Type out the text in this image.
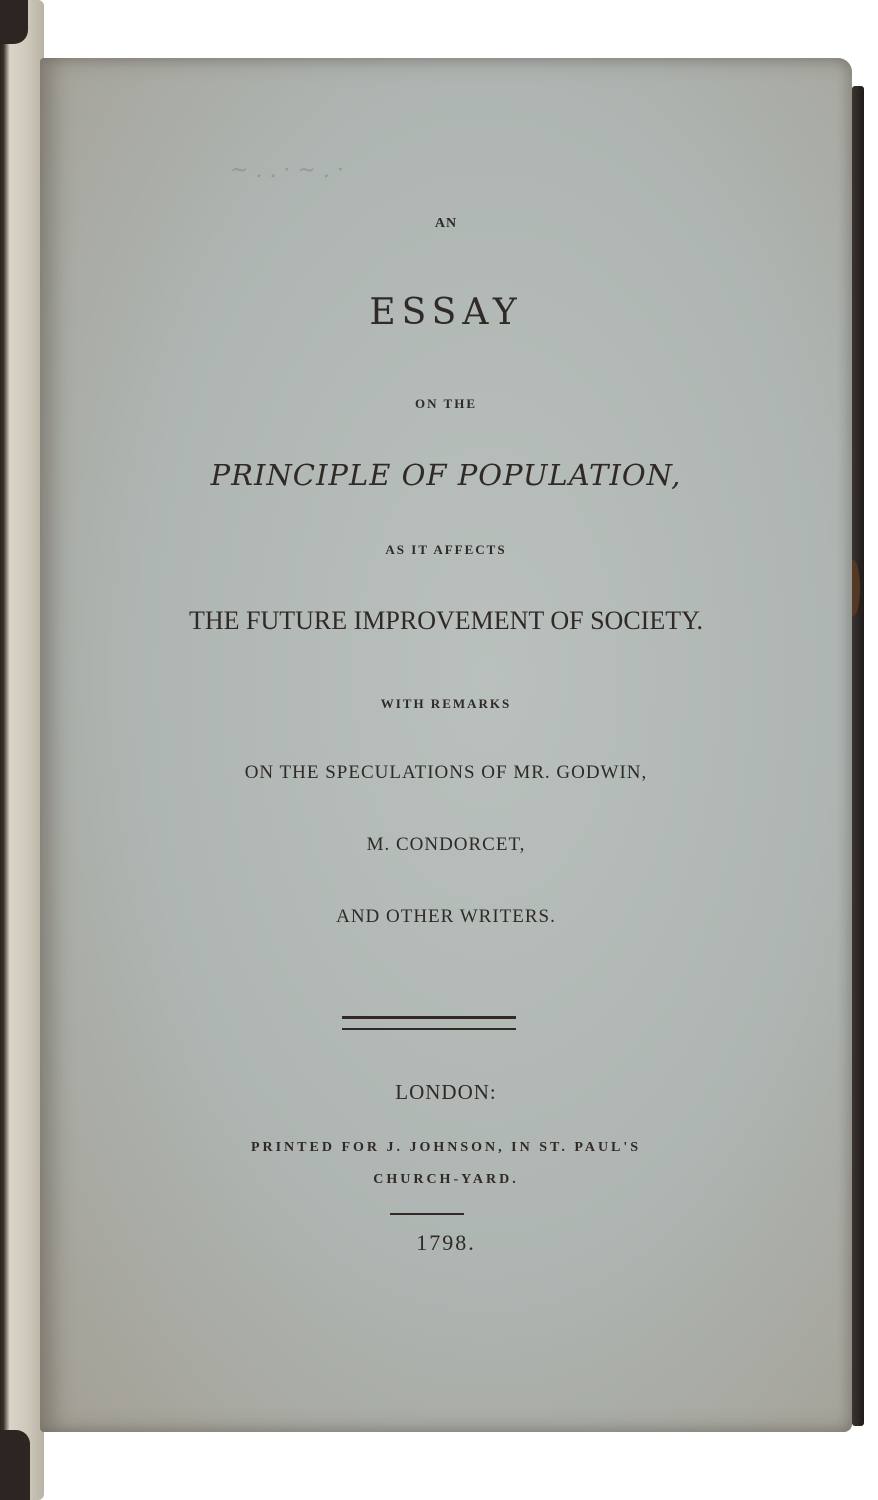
~ . . · ~ . ·
AN
ESSAY
ON THE
PRINCIPLE OF POPULATION,
AS IT AFFECTS
THE FUTURE IMPROVEMENT OF SOCIETY.
WITH REMARKS
ON THE SPECULATIONS OF MR. GODWIN,
M. CONDORCET,
AND OTHER WRITERS.
LONDON:
PRINTED FOR J. JOHNSON, IN ST. PAUL'S
CHURCH-YARD.
1798.
